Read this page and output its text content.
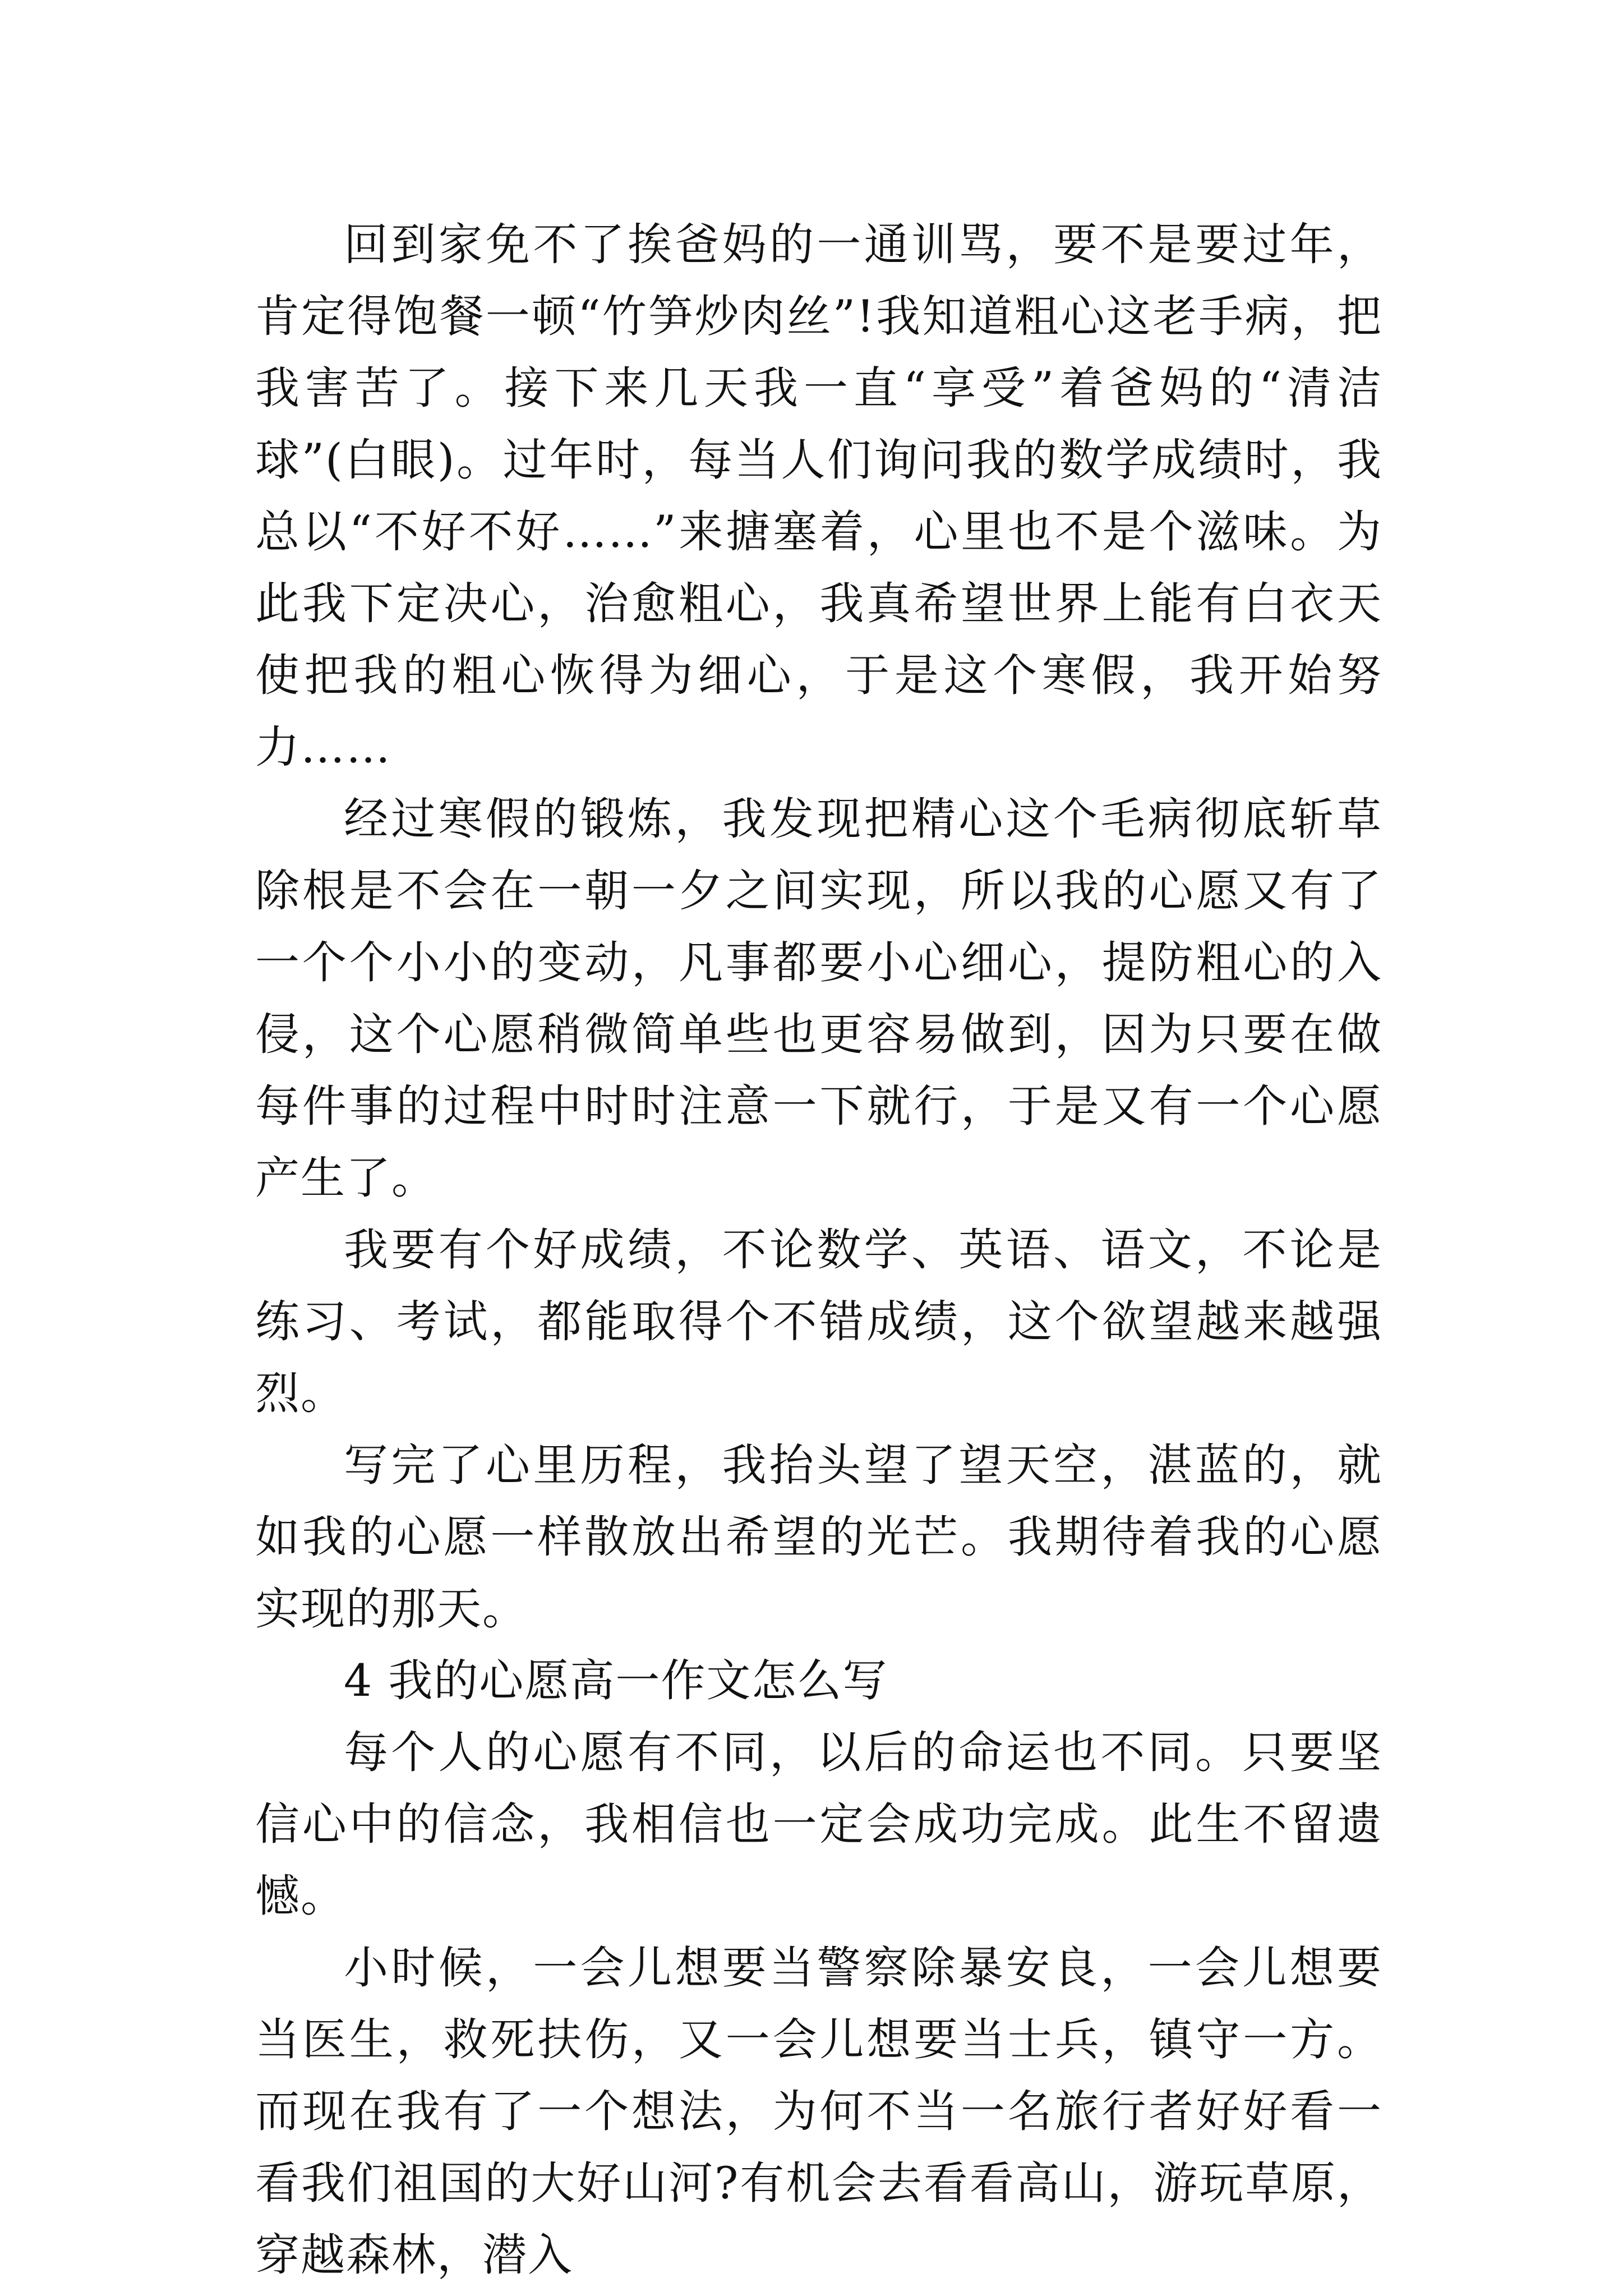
回到家免不了挨爸妈的一通训骂，要不是要过年，肯定得饱餐一顿“竹笋炒肉丝”!我知道粗心这老手病，把我害苦了。接下来几天我一直“享受”着爸妈的“清洁球”(白眼)。过年时，每当人们询问我的数学成绩时，我总以“不好不好……”来搪塞着，心里也不是个滋味。为此我下定决心，治愈粗心，我真希望世界上能有白衣天使把我的粗心恢得为细心，于是这个寒假，我开始努力……

经过寒假的锻炼，我发现把精心这个毛病彻底斩草除根是不会在一朝一夕之间实现，所以我的心愿又有了一个个小小的变动，凡事都要小心细心，提防粗心的入侵，这个心愿稍微简单些也更容易做到，因为只要在做每件事的过程中时时注意一下就行，于是又有一个心愿产生了。

我要有个好成绩，不论数学、英语、语文，不论是练习、考试，都能取得个不错成绩，这个欲望越来越强烈。

写完了心里历程，我抬头望了望天空，湛蓝的，就如我的心愿一样散放出希望的光芒。我期待着我的心愿实现的那天。

4 我的心愿高一作文怎么写

每个人的心愿有不同，以后的命运也不同。只要坚信心中的信念，我相信也一定会成功完成。此生不留遗憾。

小时候，一会儿想要当警察除暴安良，一会儿想要当医生，救死扶伤，又一会儿想要当士兵，镇守一方。而现在我有了一个想法，为何不当一名旅行者好好看一看我们祖国的大好山河?有机会去看看高山，游玩草原，穿越森林，潜入
